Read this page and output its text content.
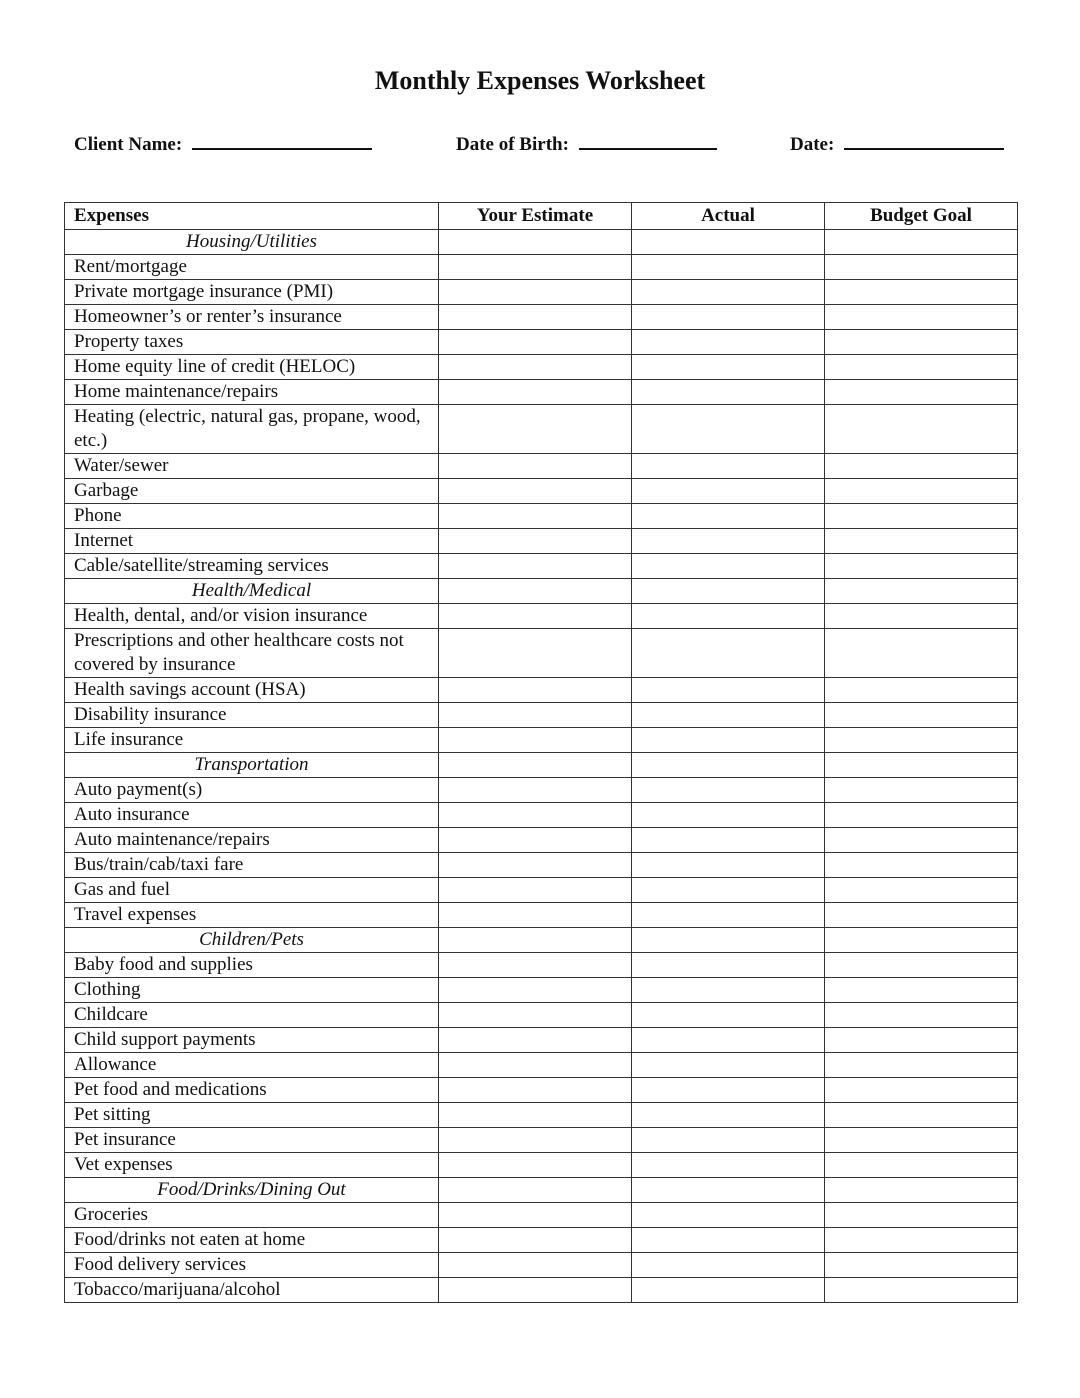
Monthly Expenses Worksheet
Client Name:	Date of Birth:	Date:
Expenses	Your Estimate	Actual	Budget Goal
Housing/Utilities			
Rent/mortgage			
Private mortgage insurance (PMI)			
Homeowner’s or renter’s insurance			
Property taxes			
Home equity line of credit (HELOC)			
Home maintenance/repairs			
Heating (electric, natural gas, propane, wood, etc.)			
Water/sewer			
Garbage			
Phone			
Internet			
Cable/satellite/streaming services			
Health/Medical			
Health, dental, and/or vision insurance			
Prescriptions and other healthcare costs not covered by insurance			
Health savings account (HSA)			
Disability insurance			
Life insurance			
Transportation			
Auto payment(s)			
Auto insurance			
Auto maintenance/repairs			
Bus/train/cab/taxi fare			
Gas and fuel			
Travel expenses			
Children/Pets			
Baby food and supplies			
Clothing			
Childcare			
Child support payments			
Allowance			
Pet food and medications			
Pet sitting			
Pet insurance			
Vet expenses			
Food/Drinks/Dining Out			
Groceries			
Food/drinks not eaten at home			
Food delivery services			
Tobacco/marijuana/alcohol			
